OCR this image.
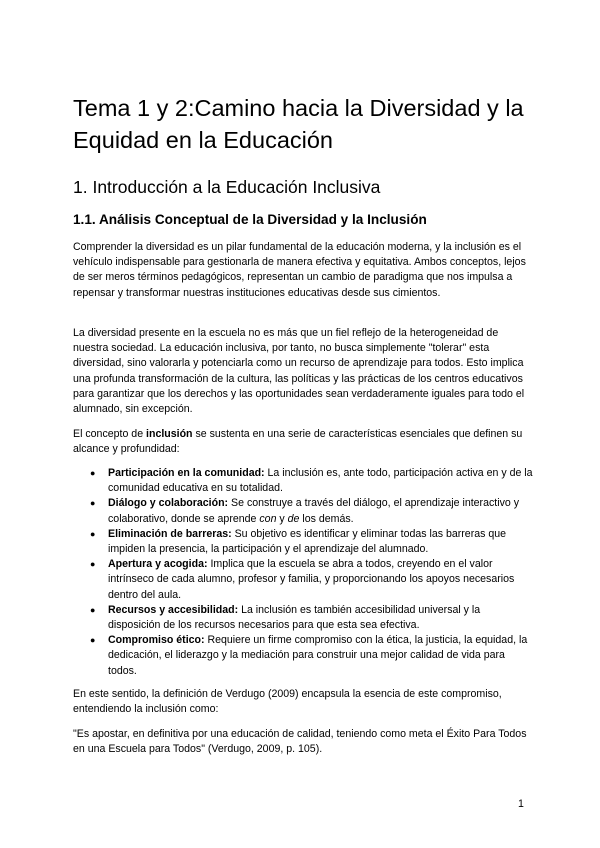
Tema 1 y 2:Camino hacia la Diversidad y la Equidad en la Educación
1. Introducción a la Educación Inclusiva
1.1. Análisis Conceptual de la Diversidad y la Inclusión

Comprender la diversidad es un pilar fundamental de la educación moderna, y la inclusión es el vehículo indispensable para gestionarla de manera efectiva y equitativa. Ambos conceptos, lejos de ser meros términos pedagógicos, representan un cambio de paradigma que nos impulsa a repensar y transformar nuestras instituciones educativas desde sus cimientos.

La diversidad presente en la escuela no es más que un fiel reflejo de la heterogeneidad de nuestra sociedad. La educación inclusiva, por tanto, no busca simplemente "tolerar" esta diversidad, sino valorarla y potenciarla como un recurso de aprendizaje para todos. Esto implica una profunda transformación de la cultura, las políticas y las prácticas de los centros educativos para garantizar que los derechos y las oportunidades sean verdaderamente iguales para todo el alumnado, sin excepción.

El concepto de inclusión se sustenta en una serie de características esenciales que definen su alcance y profundidad:

● Participación en la comunidad: La inclusión es, ante todo, participación activa en y de la comunidad educativa en su totalidad.
● Diálogo y colaboración: Se construye a través del diálogo, el aprendizaje interactivo y colaborativo, donde se aprende con y de los demás.
● Eliminación de barreras: Su objetivo es identificar y eliminar todas las barreras que impiden la presencia, la participación y el aprendizaje del alumnado.
● Apertura y acogida: Implica que la escuela se abra a todos, creyendo en el valor intrínseco de cada alumno, profesor y familia, y proporcionando los apoyos necesarios dentro del aula.
● Recursos y accesibilidad: La inclusión es también accesibilidad universal y la disposición de los recursos necesarios para que esta sea efectiva.
● Compromiso ético: Requiere un firme compromiso con la ética, la justicia, la equidad, la dedicación, el liderazgo y la mediación para construir una mejor calidad de vida para todos.

En este sentido, la definición de Verdugo (2009) encapsula la esencia de este compromiso, entendiendo la inclusión como:

"Es apostar, en definitiva por una educación de calidad, teniendo como meta el Éxito Para Todos en una Escuela para Todos" (Verdugo, 2009, p. 105).

1
